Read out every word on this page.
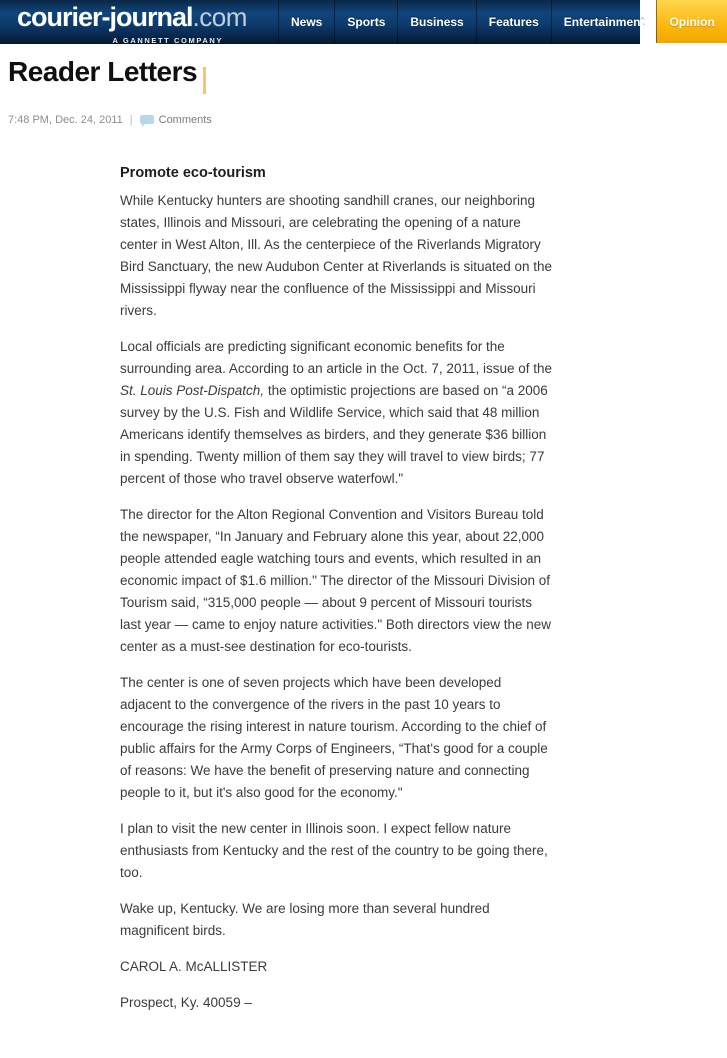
courier-journal.com
A GANNETT COMPANY
News	Sports	Business	Features	Entertainment	Opinion
Reader Letters
7:48 PM, Dec. 24, 2011 | Comments
Promote eco-tourism

While Kentucky hunters are shooting sandhill cranes, our neighboring states, Illinois and Missouri, are celebrating the opening of a nature center in West Alton, Ill. As the centerpiece of the Riverlands Migratory Bird Sanctuary, the new Audubon Center at Riverlands is situated on the Mississippi flyway near the confluence of the Mississippi and Missouri rivers.

Local officials are predicting significant economic benefits for the surrounding area. According to an article in the Oct. 7, 2011, issue of the St. Louis Post-Dispatch, the optimistic projections are based on “a 2006 survey by the U.S. Fish and Wildlife Service, which said that 48 million Americans identify themselves as birders, and they generate $36 billion in spending. Twenty million of them say they will travel to view birds; 77 percent of those who travel observe waterfowl."

The director for the Alton Regional Convention and Visitors Bureau told the newspaper, “In January and February alone this year, about 22,000 people attended eagle watching tours and events, which resulted in an economic impact of $1.6 million." The director of the Missouri Division of Tourism said, “315,000 people — about 9 percent of Missouri tourists last year — came to enjoy nature activities." Both directors view the new center as a must-see destination for eco-tourists.

The center is one of seven projects which have been developed adjacent to the convergence of the rivers in the past 10 years to encourage the rising interest in nature tourism. According to the chief of public affairs for the Army Corps of Engineers, “That's good for a couple of reasons: We have the benefit of preserving nature and connecting people to it, but it's also good for the economy."

I plan to visit the new center in Illinois soon. I expect fellow nature enthusiasts from Kentucky and the rest of the country to be going there, too.

Wake up, Kentucky. We are losing more than several hundred magnificent birds.

CAROL A. McALLISTER

Prospect, Ky. 40059 –
